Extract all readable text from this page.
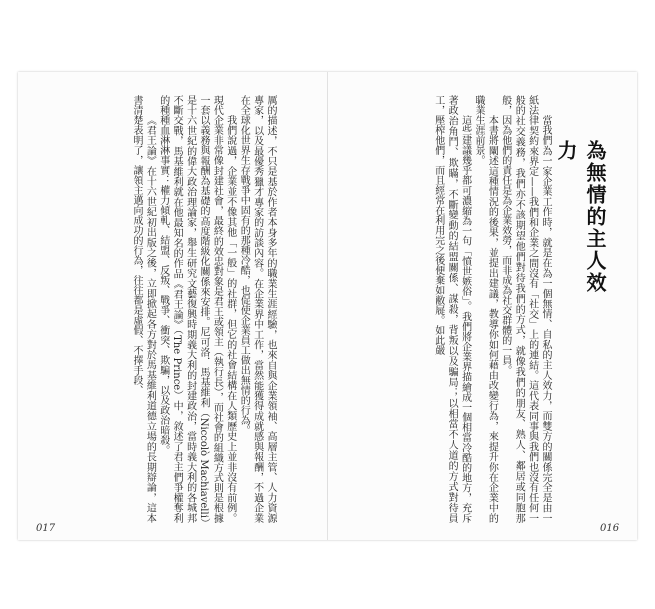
為無情的主人效力

當我們為一家企業工作時，就是在為一個無情、自私的主人效力，而雙方的關係完全是由一紙法律契約來界定——我們和企業之間沒有「社交」上的連結。這代表同事與我們也沒有任何一般的社交義務，我們亦不該期望他們對待我們的方式，就像我們的朋友、熟人、鄰居或同胞那般，因為他們的責任是為企業效勞，而非成為社交群體的一員。

本書將闡述這種情況的後果，並提出建議，教導你如何藉由改變行為，來提升你在企業中的職業生涯前景。

這些建議幾乎都可濃縮為一句「憤世嫉俗」。我們將企業界描繪成一個相當冷酷的地方，充斥著政治角鬥、欺瞞，不斷變動的結盟關係、謀殺，背叛以及騙局；以相當不人道的方式對待員工，壓榨他們，而且經常在利用完之後便棄如敝屣。如此嚴

厲的描述，不只是基於作者本身多年的職業生涯經驗，也來自與企業領袖、高層主管、人力資源專家，以及最優秀獵才專家的訪談內容。在企業界中工作，當然能獲得成就感與報酬，不過企業在全球化世界生存戰爭中固有的那種冷酷，也促使企業員工做出無情的行為。

我們說過，企業並不像其他「一般」的社群，但它的社會結構在人類歷史上並非沒有前例。現代企業非常像封建社會，最終的效忠對象是君王或領主（執行長），而社會的組織方式則是根據一套以義務與報酬為基礎的高度階級化關係來安排。尼可洛．馬基維利（Niccolò Machiavelli）是十六世紀的偉大政治理論家，舉生研究文藝復興時期義大利的封建政治，當時義大利的各城邦不斷交戰，馬基維利就在他最知名的作品《君王論》（The Prince）中，敘述了君主們爭權奪利的種種血淋淋事實：權力傾軋、結盟、反叛、戰爭、衝突、欺騙，以及政治暗殺。

《君王論》在十六世紀初出版之後，立即掀起各方對於馬基維利道德立場的長期辯論，這本書清楚表明了，讓領主邁向成功的行為，往往都是虛假、不擇手段、

017	016
